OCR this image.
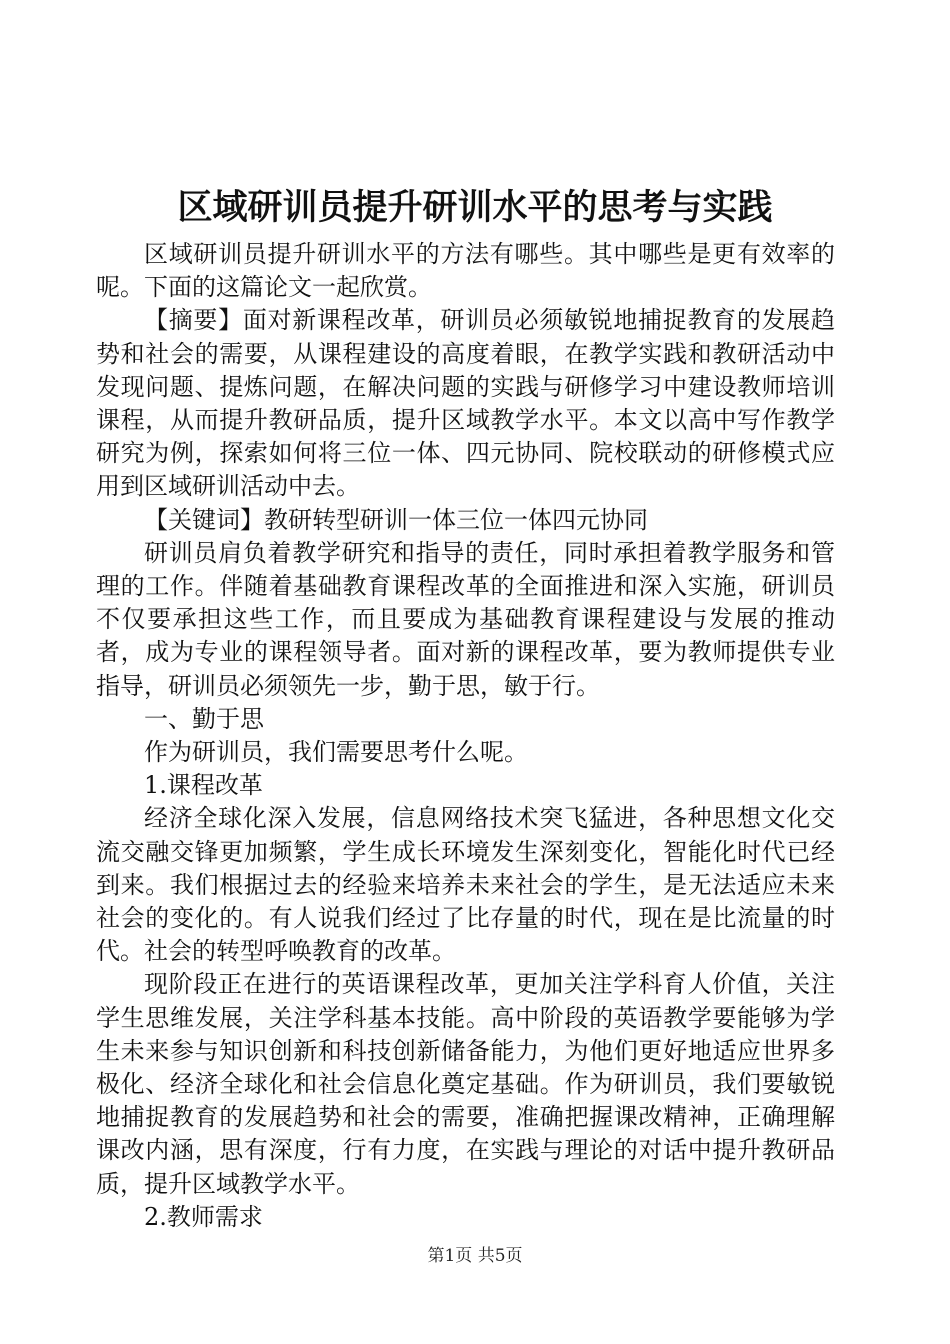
区域研训员提升研训水平的思考与实践

区域研训员提升研训水平的方法有哪些。其中哪些是更有效率的呢。下面的这篇论文一起欣赏。

【摘要】面对新课程改革，研训员必须敏锐地捕捉教育的发展趋势和社会的需要，从课程建设的高度着眼，在教学实践和教研活动中发现问题、提炼问题，在解决问题的实践与研修学习中建设教师培训课程，从而提升教研品质，提升区域教学水平。本文以高中写作教学研究为例，探索如何将三位一体、四元协同、院校联动的研修模式应用到区域研训活动中去。

【关键词】教研转型研训一体三位一体四元协同

研训员肩负着教学研究和指导的责任，同时承担着教学服务和管理的工作。伴随着基础教育课程改革的全面推进和深入实施，研训员不仅要承担这些工作，而且要成为基础教育课程建设与发展的推动者，成为专业的课程领导者。面对新的课程改革，要为教师提供专业指导，研训员必须领先一步，勤于思，敏于行。

一、勤于思

作为研训员，我们需要思考什么呢。

1.课程改革

经济全球化深入发展，信息网络技术突飞猛进，各种思想文化交流交融交锋更加频繁，学生成长环境发生深刻变化，智能化时代已经到来。我们根据过去的经验来培养未来社会的学生，是无法适应未来社会的变化的。有人说我们经过了比存量的时代，现在是比流量的时代。社会的转型呼唤教育的改革。

现阶段正在进行的英语课程改革，更加关注学科育人价值，关注学生思维发展，关注学科基本技能。高中阶段的英语教学要能够为学生未来参与知识创新和科技创新储备能力，为他们更好地适应世界多极化、经济全球化和社会信息化奠定基础。作为研训员，我们要敏锐地捕捉教育的发展趋势和社会的需要，准确把握课改精神，正确理解课改内涵，思有深度，行有力度，在实践与理论的对话中提升教研品质，提升区域教学水平。

2.教师需求

第1页 共5页
